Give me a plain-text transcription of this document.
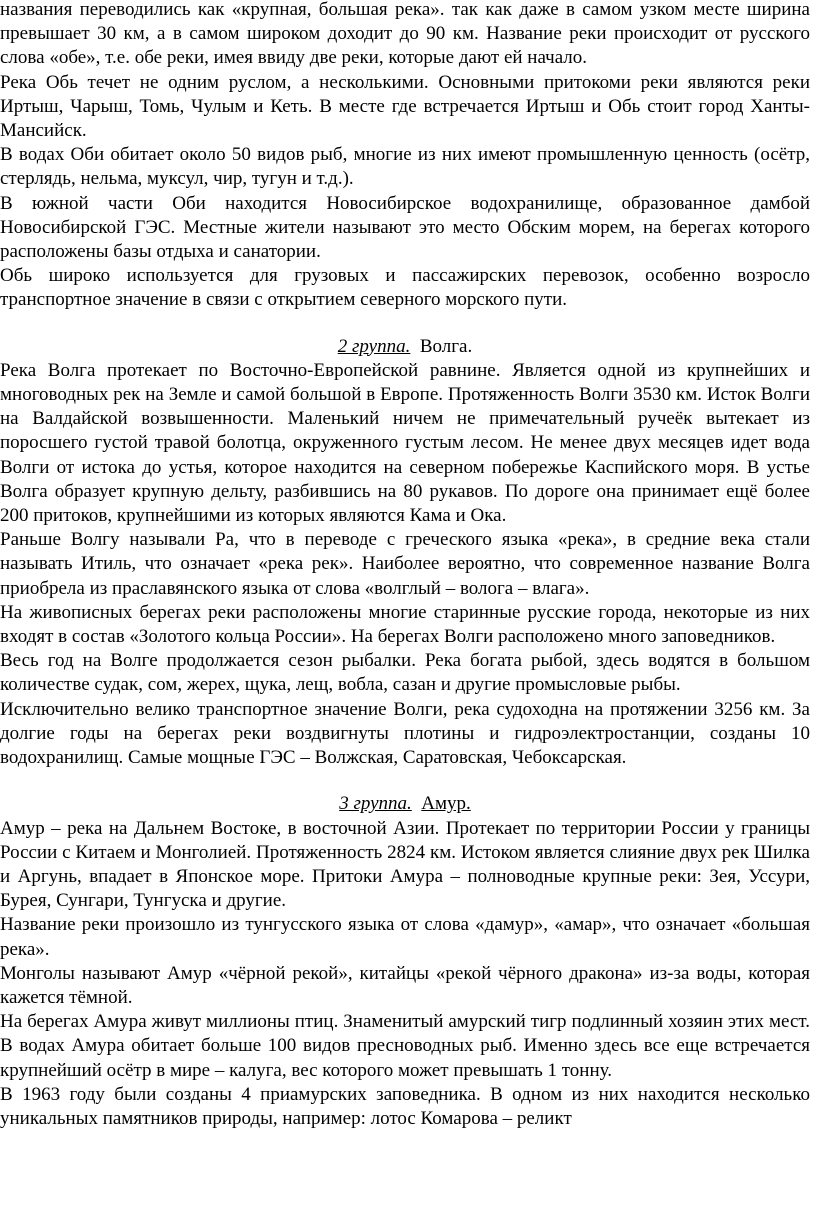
названия переводились как «крупная, большая река». так как даже в самом узком месте ширина превышает 30 км, а в самом широком доходит до 90 км. Название реки происходит от русского слова «обе», т.е. обе реки, имея ввиду две реки, которые дают ей начало.

Река Обь течет не одним руслом, а несколькими. Основными притокоми реки являются реки Иртыш, Чарыш, Томь, Чулым и Кеть. В месте где встречается Иртыш и Обь стоит город Ханты-Мансийск.

В водах Оби обитает около 50 видов рыб, многие из них имеют промышленную ценность (осётр, стерлядь, нельма, муксул, чир, тугун и т.д.).

В южной части Оби находится Новосибирское водохранилище, образованное дамбой Новосибирской ГЭС. Местные жители называют это место Обским морем, на берегах которого расположены базы отдыха и санатории.

Обь широко используется для грузовых и пассажирских перевозок, особенно возросло транспортное значение в связи с открытием северного морского пути.

2 группа. Волга.

Река Волга протекает по Восточно-Европейской равнине. Является одной из крупнейших и многоводных рек на Земле и самой большой в Европе. Протяженность Волги 3530 км. Исток Волги на Валдайской возвышенности. Маленький ничем не примечательный ручеёк вытекает из поросшего густой травой болотца, окруженного густым лесом. Не менее двух месяцев идет вода Волги от истока до устья, которое находится на северном побережье Каспийского моря. В устье Волга образует крупную дельту, разбившись на 80 рукавов. По дороге она принимает ещё более 200 притоков, крупнейшими из которых являются Кама и Ока.

Раньше Волгу называли Ра, что в переводе с греческого языка «река», в средние века стали называть Итиль, что означает «река рек». Наиболее вероятно, что современное название Волга приобрела из праславянского языка от слова «волглый – волога – влага».

На живописных берегах реки расположены многие старинные русские города, некоторые из них входят в состав «Золотого кольца России». На берегах Волги расположено много заповедников.

Весь год на Волге продолжается сезон рыбалки. Река богата рыбой, здесь водятся в большом количестве судак, сом, жерех, щука, лещ, вобла, сазан и другие промысловые рыбы.

Исключительно велико транспортное значение Волги, река судоходна на протяжении 3256 км. За долгие годы на берегах реки воздвигнуты плотины и гидроэлектростанции, созданы 10 водохранилищ. Самые мощные ГЭС – Волжская, Саратовская, Чебоксарская.

3 группа. Амур.

Амур – река на Дальнем Востоке, в восточной Азии. Протекает по территории России у границы России с Китаем и Монголией. Протяженность 2824 км. Истоком является слияние двух рек Шилка и Аргунь, впадает в Японское море. Притоки Амура – полноводные крупные реки: Зея, Уссури, Бурея, Сунгари, Тунгуска и другие.

Название реки произошло из тунгусского языка от слова «дамур», «амар», что означает «большая река».

Монголы называют Амур «чёрной рекой», китайцы «рекой чёрного дракона» из-за воды, которая кажется тёмной.

На берегах Амура живут миллионы птиц. Знаменитый амурский тигр подлинный хозяин этих мест. В водах Амура обитает больше 100 видов пресноводных рыб. Именно здесь все еще встречается крупнейший осётр в мире – калуга, вес которого может превышать 1 тонну.

В 1963 году были созданы 4 приамурских заповедника. В одном из них находится несколько уникальных памятников природы, например: лотос Комарова – реликт
